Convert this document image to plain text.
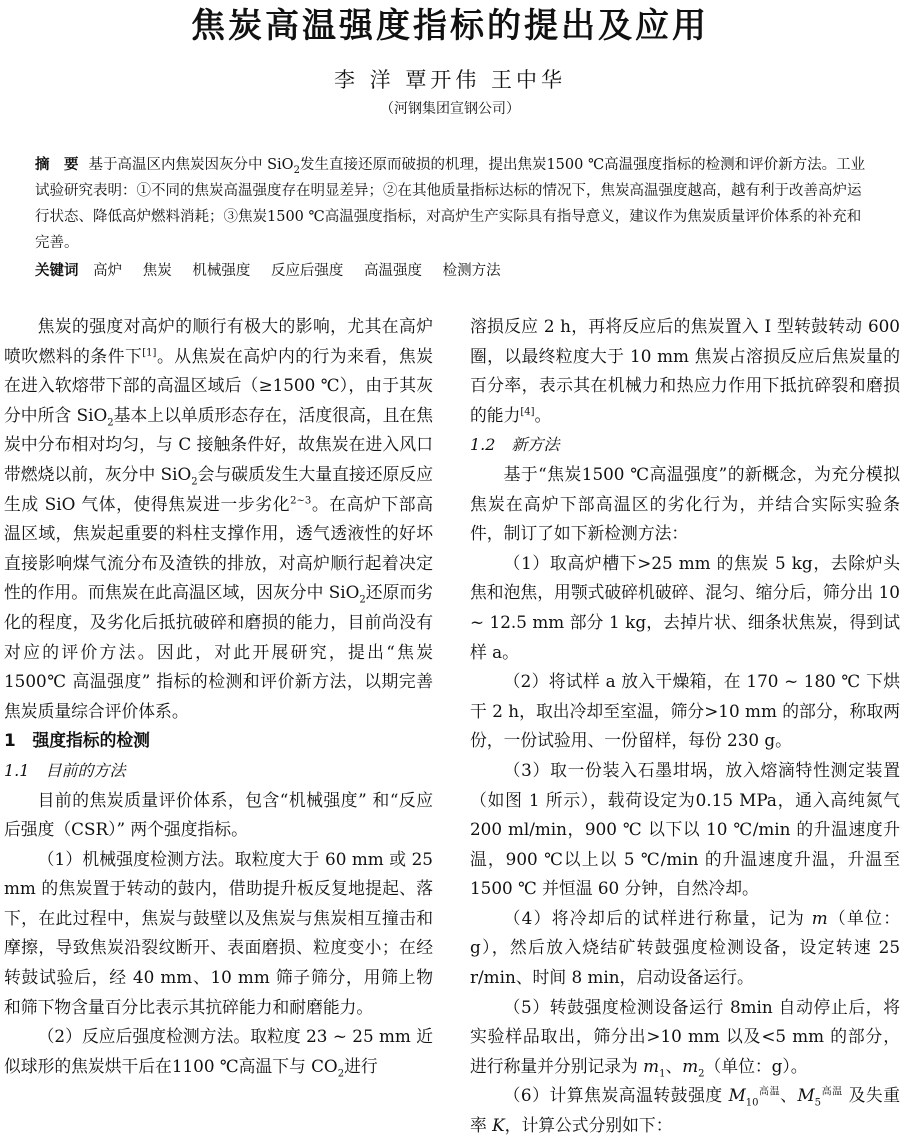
焦炭高温强度指标的提出及应用
李 洋 覃开伟 王中华
（河钢集团宣钢公司）
摘　要 基于高温区内焦炭因灰分中 SiO$_2$发生直接还原而破损的机理，提出焦炭1500 ℃高温强度指标的检测和评价新方法。工业试验研究表明：①不同的焦炭高温强度存在明显差异；②在其他质量指标达标的情况下，焦炭高温强度越高，越有利于改善高炉运行状态、降低高炉燃料消耗；③焦炭1500 ℃高温强度指标，对高炉生产实际具有指导意义，建议作为焦炭质量评价体系的补充和完善。
关键词 高炉 焦炭 机械强度 反应后强度 高温强度 检测方法

焦炭的强度对高炉的顺行有极大的影响，尤其在高炉喷吹燃料的条件下[1]。从焦炭在高炉内的行为来看，焦炭在进入软熔带下部的高温区域后（≥1500 ℃），由于其灰分中所含 SiO$_2$基本上以单质形态存在，活度很高，且在焦炭中分布相对均匀，与 C 接触条件好，故焦炭在进入风口带燃烧以前，灰分中 SiO$_2$会与碳质发生大量直接还原反应生成 SiO 气体，使得焦炭进一步劣化$^{2\sim 3}$。在高炉下部高温区域，焦炭起重要的料柱支撑作用，透气透液性的好坏直接影响煤气流分布及渣铁的排放，对高炉顺行起着决定性的作用。而焦炭在此高温区域，因灰分中 SiO$_2$还原而劣化的程度，及劣化后抵抗破碎和磨损的能力，目前尚没有对应的评价方法。因此，对此开展研究，提出“焦炭 1500℃ 高温强度” 指标的检测和评价新方法，以期完善焦炭质量综合评价体系。

1　强度指标的检测
1.1　目前的方法

目前的焦炭质量评价体系，包含“机械强度” 和“反应后强度（CSR）” 两个强度指标。

（1）机械强度检测方法。取粒度大于 60 mm 或 25 mm 的焦炭置于转动的鼓内，借助提升板反复地提起、落下，在此过程中，焦炭与鼓壁以及焦炭与焦炭相互撞击和摩擦，导致焦炭沿裂纹断开、表面磨损、粒度变小；在经转鼓试验后，经 40 mm、10 mm 筛子筛分，用筛上物和筛下物含量百分比表示其抗碎能力和耐磨能力。

（2）反应后强度检测方法。取粒度 23 ~ 25 mm 近似球形的焦炭烘干后在1100 ℃高温下与 $CO_2$进行

溶损反应 2 h，再将反应后的焦炭置入 Ⅰ 型转鼓转动 600 圈，以最终粒度大于 10 mm 焦炭占溶损反应后焦炭量的百分率，表示其在机械力和热应力作用下抵抗碎裂和磨损的能力[4]。

1.2　新方法

基于“焦炭1500 ℃高温强度”的新概念，为充分模拟焦炭在高炉下部高温区的劣化行为，并结合实际实验条件，制订了如下新检测方法：

（1）取高炉槽下>25 mm 的焦炭 5 kg，去除炉头焦和泡焦，用颚式破碎机破碎、混匀、缩分后，筛分出 10 ~ 12.5 mm 部分 1 kg，去掉片状、细条状焦炭，得到试样 a。

（2）将试样 a 放入干燥箱，在 170 ~ 180 ℃ 下烘干 2 h，取出冷却至室温，筛分>10 mm 的部分，称取两份，一份试验用、一份留样，每份 230 g。

（3）取一份装入石墨坩埚，放入熔滴特性测定装置（如图 1 所示），载荷设定为0.15 MPa，通入高纯氮气 200 ml/min，900 ℃ 以下以 10 ℃/min 的升温速度升温，900 ℃以上以 5 ℃/min 的升温速度升温，升温至1500 ℃ 并恒温 60 分钟，自然冷却。

（4）将冷却后的试样进行称量，记为 m（单位：g），然后放入烧结矿转鼓强度检测设备，设定转速 25 r/min、时间 8 min，启动设备运行。

（5）转鼓强度检测设备运行 8min 自动停止后，将实验样品取出，筛分出>10 mm 以及<5 mm 的部分，进行称量并分别记录为 $m_1$、$m_2$（单位：g）。

（6）计算焦炭高温转鼓强度 $M_{10}^{高温}$、$M_5^{高温}$ 及失重率 K，计算公式分别如下：
